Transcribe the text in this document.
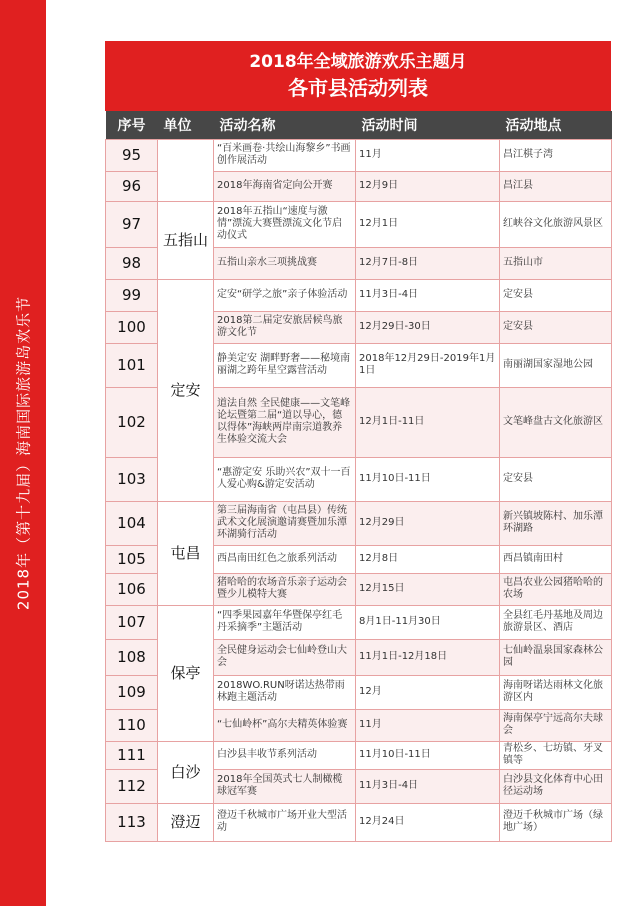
2018年（第十九届）海南国际旅游岛欢乐节
2018年全域旅游欢乐主题月
各市县活动列表
序号	单位	活动名称	活动时间	活动地点
95		“百米画卷·共绘山海黎乡”书画创作展活动	11月	昌江棋子湾
96		2018年海南省定向公开赛	12月9日	昌江县
97	五指山	2018年五指山“速度与激情”漂流大赛暨漂流文化节启动仪式	12月1日	红峡谷文化旅游风景区
98		五指山亲水三项挑战赛	12月7日-8日	五指山市
99	定安	定安“研学之旅”亲子体验活动	11月3日-4日	定安县
100		2018第二届定安旅居候鸟旅游文化节	12月29日-30日	定安县
101		静美定安 湖畔野奢——秘境南丽湖之跨年星空露营活动	2018年12月29日-2019年1月1日	南丽湖国家湿地公园
102		道法自然 全民健康——文笔峰论坛暨第二届“道以导心，德以得体”海峡两岸南宗道教养生体验交流大会	12月1日-11日	文笔峰盘古文化旅游区
103		“惠游定安 乐助兴农”双十一百人爱心购&游定安活动	11月10日-11日	定安县
104	屯昌	第三届海南省（屯昌县）传统武术文化展演邀请赛暨加乐潭环湖骑行活动	12月29日	新兴镇坡陈村、加乐潭环湖路
105		西昌南田红色之旅系列活动	12月8日	西昌镇南田村
106		猪哈哈的农场音乐亲子运动会暨少儿模特大赛	12月15日	屯昌农业公园猪哈哈的农场
107	保亭	“四季果园嘉年华暨保亭红毛丹采摘季”主题活动	8月1日-11月30日	全县红毛丹基地及周边旅游景区、酒店
108		全民健身运动会七仙岭登山大会	11月1日-12月18日	七仙岭温泉国家森林公园
109		2018WO.RUN呀诺达热带雨林跑主题活动	12月	海南呀诺达雨林文化旅游区内
110		“七仙岭杯”高尔夫精英体验赛	11月	海南保亭宁远高尔夫球会
111	白沙	白沙县丰收节系列活动	11月10日-11日	青松乡、七坊镇、牙叉镇等
112		2018年全国英式七人制橄榄球冠军赛	11月3日-4日	白沙县文化体育中心田径运动场
113	澄迈	澄迈千秋城市广场开业大型活动	12月24日	澄迈千秋城市广场（绿地广场）
